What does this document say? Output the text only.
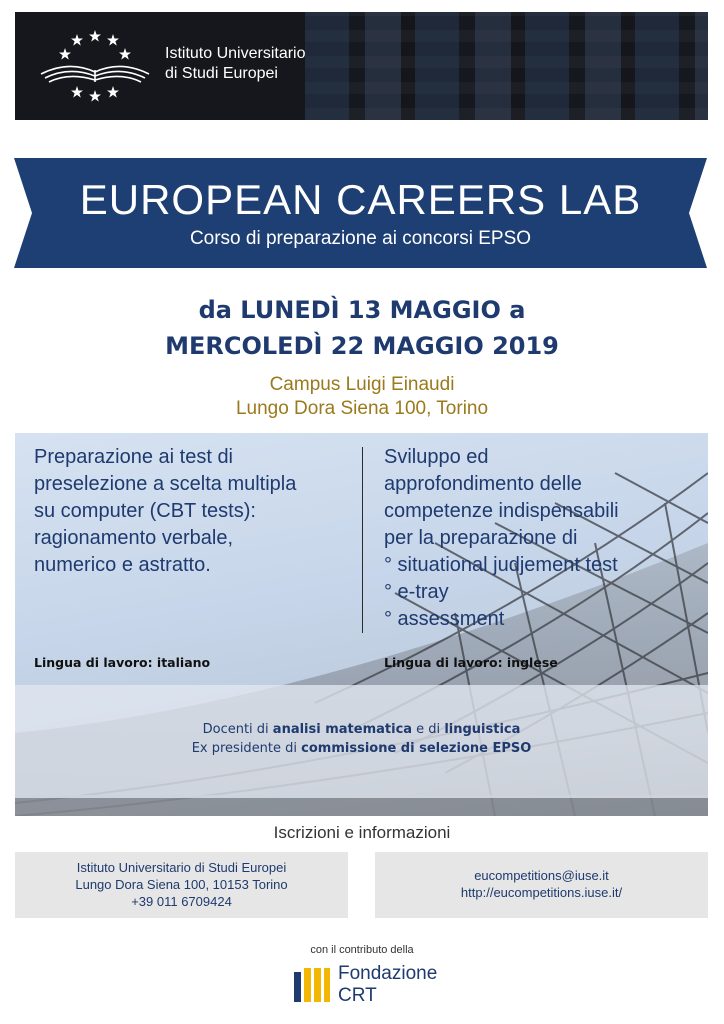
Istituto Universitario
di Studi Europei
EUROPEAN CAREERS LAB
Corso di preparazione ai concorsi EPSO
da LUNEDÌ 13 MAGGIO a
MERCOLEDÌ 22 MAGGIO 2019
Campus Luigi Einaudi
Lungo Dora Siena 100, Torino
Preparazione ai test di
preselezione a scelta multipla
su computer (CBT tests):
ragionamento verbale,
numerico e astratto.
Sviluppo ed
approfondimento delle
competenze indispensabili
per la preparazione di
° situational judjement test
° e-tray
° assessment
Lingua di lavoro: italiano	Lingua di lavoro: inglese
Docenti di analisi matematica e di linguistica
Ex presidente di commissione di selezione EPSO
Iscrizioni e informazioni
Istituto Universitario di Studi Europei
Lungo Dora Siena 100, 10153 Torino
+39 011 6709424
eucompetitions@iuse.it
http://eucompetitions.iuse.it/
con il contributo della
Fondazione
CRT
